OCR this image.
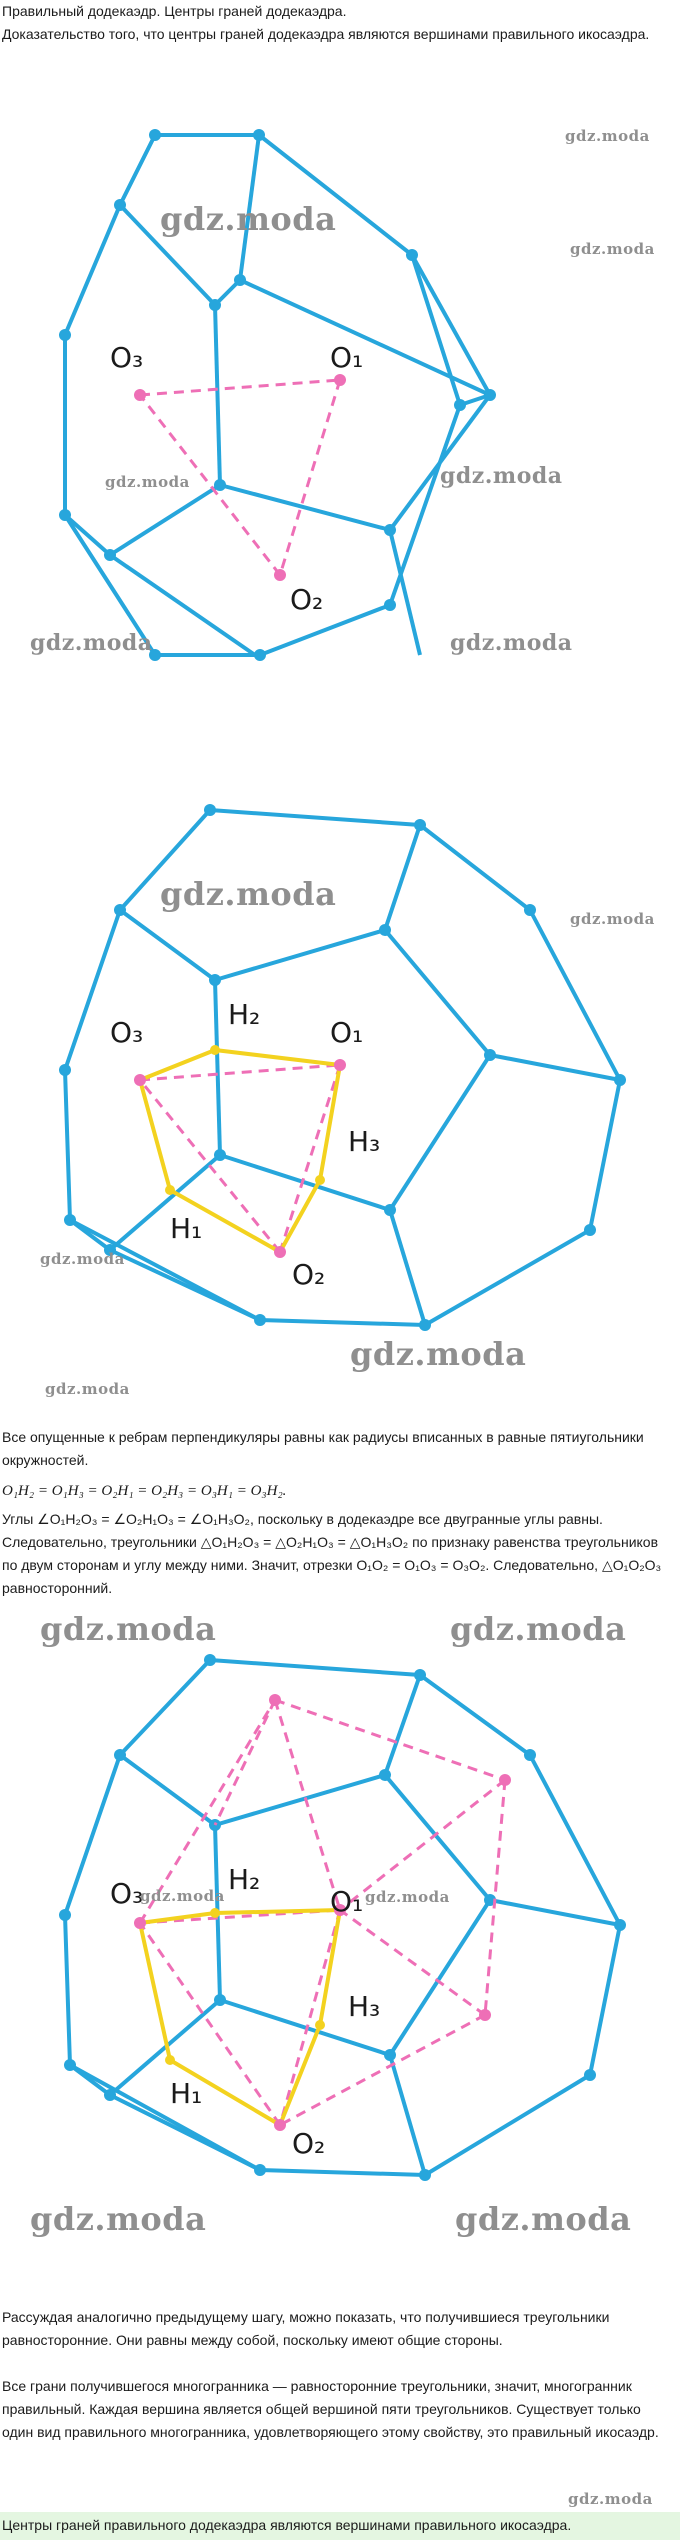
Правильный додекаэдр. Центры граней додекаэдра.

Доказательство того, что центры граней додекаэдра являются вершинами правильного икосаэдра.

O₃	O₁
O₂
gdz.moda
gdz.moda
gdz.moda
gdz.moda	gdz.moda
gdz.moda	gdz.moda
O₃	O₁
O₂
H₂
H₃
H₁
gdz.moda
gdz.moda
gdz.moda
gdz.moda
gdz.moda

Все опущенные к ребрам перпендикуляры равны как радиусы вписанных в равные пятиугольники окружностей.

O₁H₂ = O₁H₃ = O₂H₁ = O₂H₃ = O₃H₁ = O₃H₂.

Углы ∠O₁H₂O₃ = ∠O₂H₁O₃ = ∠O₁H₃O₂, поскольку в додекаэдре все двугранные углы равны. Следовательно, треугольники △O₁H₂O₃ = △O₂H₁O₃ = △O₁H₃O₂ по признаку равенства треугольников по двум сторонам и углу между ними. Значит, отрезки O₁O₂ = O₁O₃ = O₃O₂. Следовательно, △O₁O₂O₃ равносторонний.

O₃	O₁
O₂
H₂
H₃
H₁
gdz.moda	gdz.moda
gdz.moda	gdz.moda
gdz.moda	gdz.moda

Рассуждая аналогично предыдущему шагу, можно показать, что получившиеся треугольники равносторонние. Они равны между собой, поскольку имеют общие стороны.

Все грани получившегося многогранника — равносторонние треугольники, значит, многогранник правильный. Каждая вершина является общей вершиной пяти треугольников. Существует только один вид правильного многогранника, удовлетворяющего этому свойству, это правильный икосаэдр.

gdz.moda
Центры граней правильного додекаэдра являются вершинами правильного икосаэдра.
